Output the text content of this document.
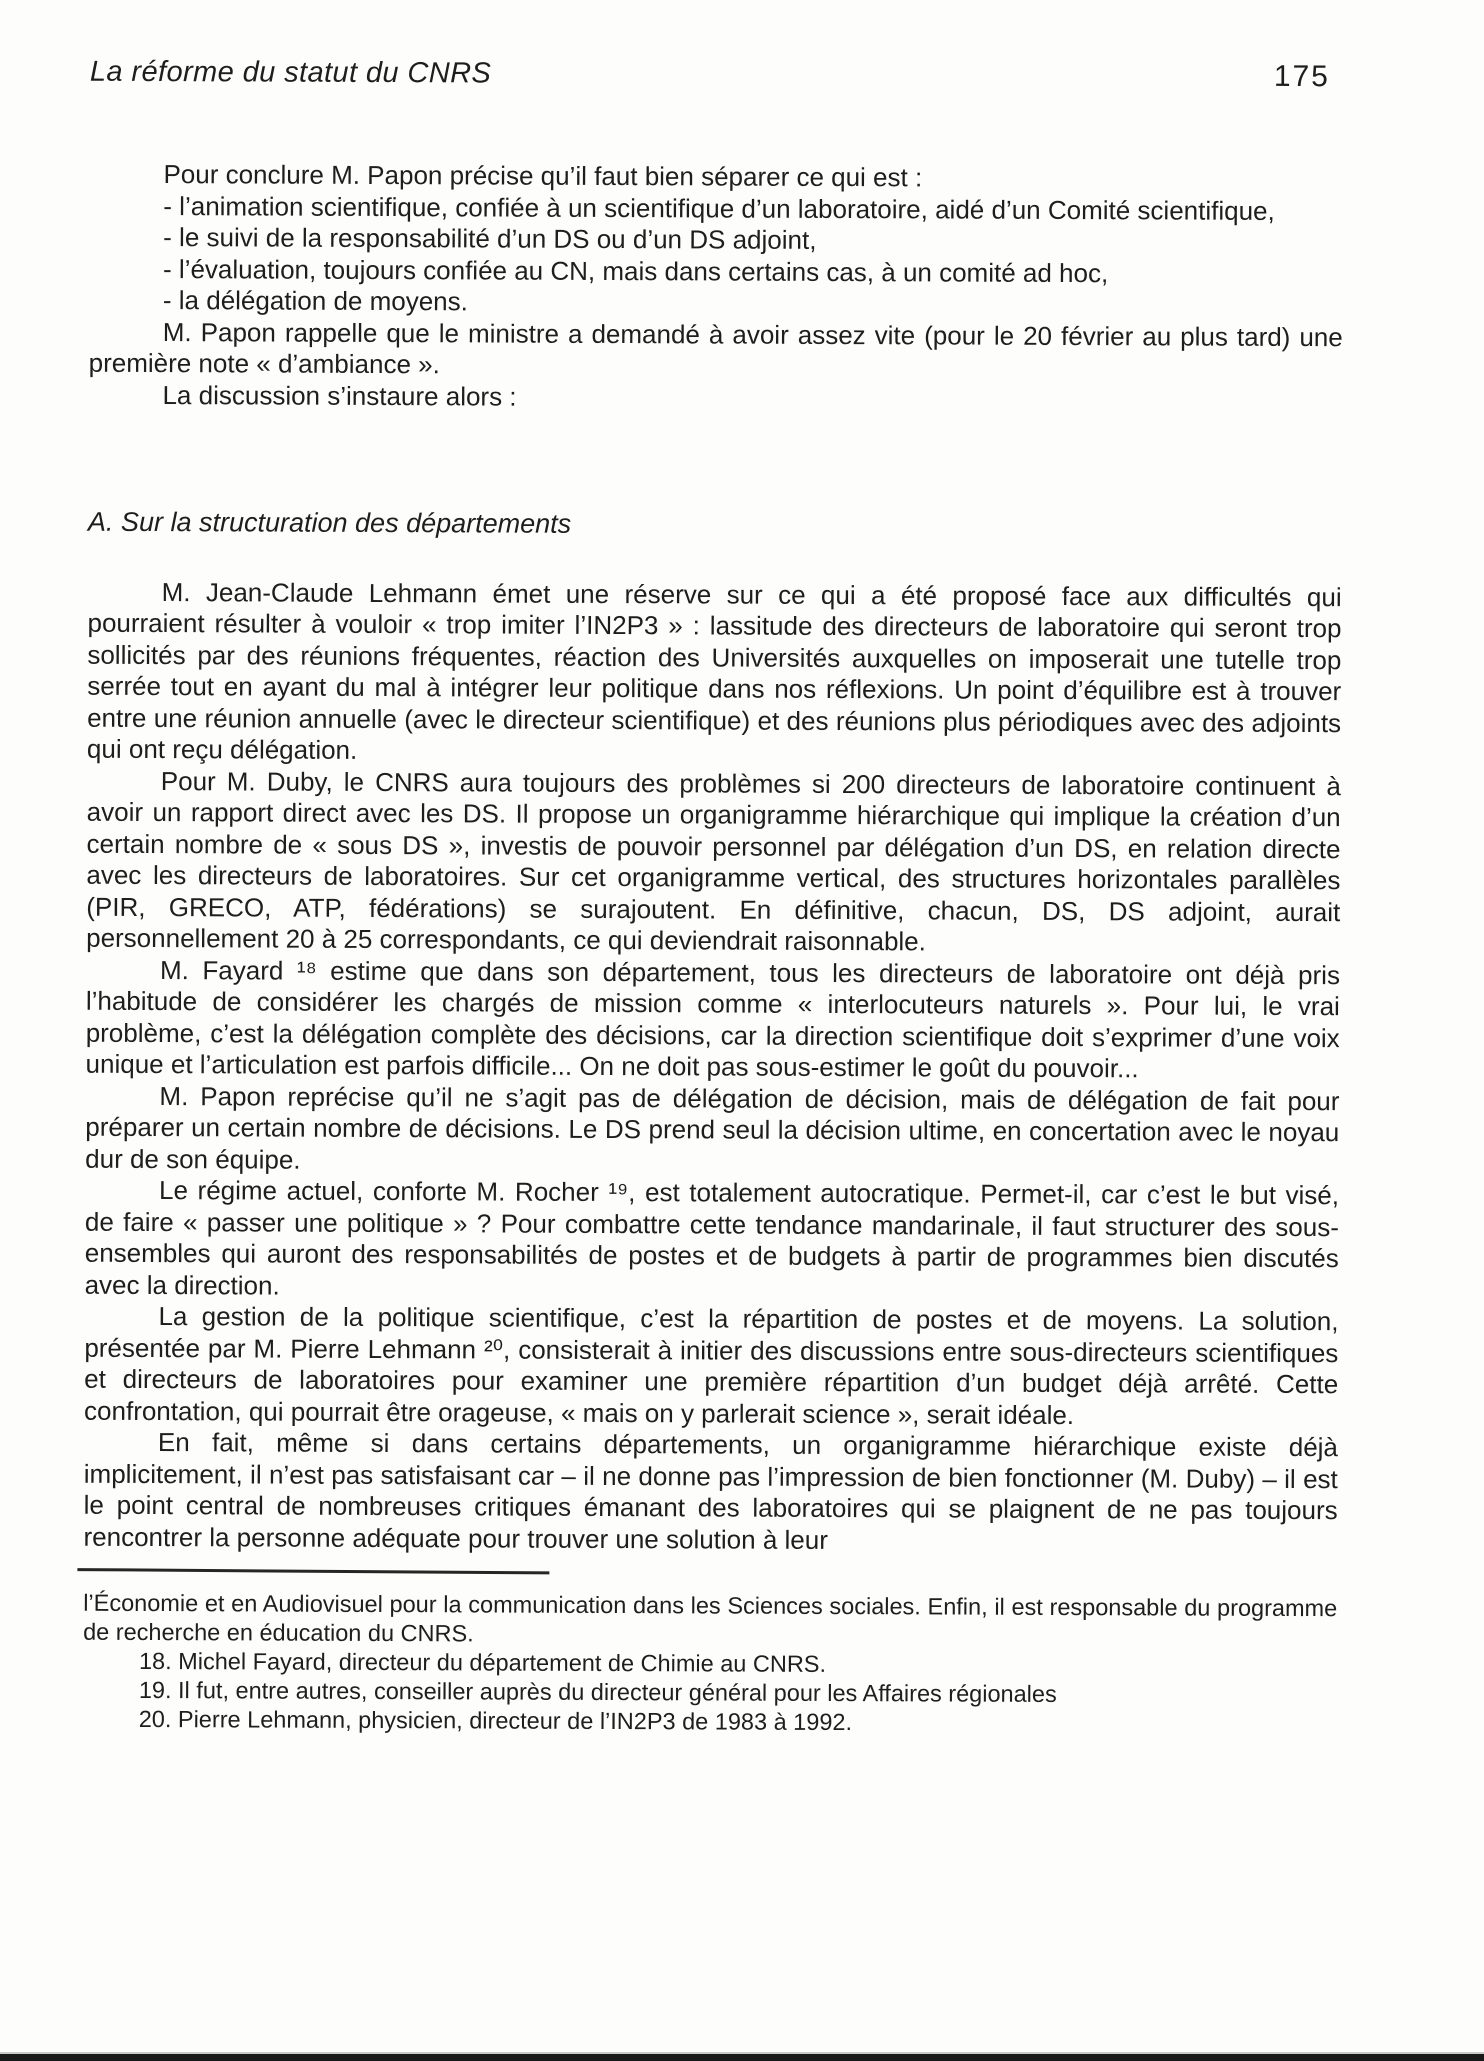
La réforme du statut du CNRS	175

Pour conclure M. Papon précise qu’il faut bien séparer ce qui est :

- l’animation scientifique, confiée à un scientifique d’un laboratoire, aidé d’un Comité scientifique,

- le suivi de la responsabilité d’un DS ou d’un DS adjoint,

- l’évaluation, toujours confiée au CN, mais dans certains cas, à un comité ad hoc,

- la délégation de moyens.

M. Papon rappelle que le ministre a demandé à avoir assez vite (pour le 20 février au plus tard) une première note « d’ambiance ».

La discussion s’instaure alors :

A. Sur la structuration des départements

M. Jean-Claude Lehmann émet une réserve sur ce qui a été proposé face aux difficultés qui pourraient résulter à vouloir « trop imiter l’IN2P3 » : lassitude des directeurs de laboratoire qui seront trop sollicités par des réunions fréquentes, réaction des Universités auxquelles on imposerait une tutelle trop serrée tout en ayant du mal à intégrer leur politique dans nos réflexions. Un point d’équilibre est à trouver entre une réunion annuelle (avec le directeur scientifique) et des réunions plus périodiques avec des adjoints qui ont reçu délégation.

Pour M. Duby, le CNRS aura toujours des problèmes si 200 directeurs de laboratoire continuent à avoir un rapport direct avec les DS. Il propose un organigramme hiérarchique qui implique la création d’un certain nombre de « sous DS », investis de pouvoir personnel par délégation d’un DS, en relation directe avec les directeurs de laboratoires. Sur cet organigramme vertical, des structures horizontales parallèles (PIR, GRECO, ATP, fédérations) se surajoutent. En définitive, chacun, DS, DS adjoint, aurait personnellement 20 à 25 correspondants, ce qui deviendrait raisonnable.

M. Fayard ¹⁸ estime que dans son département, tous les directeurs de laboratoire ont déjà pris l’habitude de considérer les chargés de mission comme « interlocuteurs naturels ». Pour lui, le vrai problème, c’est la délégation complète des décisions, car la direction scientifique doit s’exprimer d’une voix unique et l’articulation est parfois difficile... On ne doit pas sous-estimer le goût du pouvoir...

M. Papon reprécise qu’il ne s’agit pas de délégation de décision, mais de délégation de fait pour préparer un certain nombre de décisions. Le DS prend seul la décision ultime, en concertation avec le noyau dur de son équipe.

Le régime actuel, conforte M. Rocher ¹⁹, est totalement autocratique. Permet-il, car c’est le but visé, de faire « passer une politique » ? Pour combattre cette tendance mandarinale, il faut structurer des sous-ensembles qui auront des responsabilités de postes et de budgets à partir de programmes bien discutés avec la direction.

La gestion de la politique scientifique, c’est la répartition de postes et de moyens. La solution, présentée par M. Pierre Lehmann ²⁰, consisterait à initier des discussions entre sous-directeurs scientifiques et directeurs de laboratoires pour examiner une première répartition d’un budget déjà arrêté. Cette confrontation, qui pourrait être orageuse, « mais on y parlerait science », serait idéale.

En fait, même si dans certains départements, un organigramme hiérarchique existe déjà implicitement, il n’est pas satisfaisant car – il ne donne pas l’impression de bien fonctionner (M. Duby) – il est le point central de nombreuses critiques émanant des laboratoires qui se plaignent de ne pas toujours rencontrer la personne adéquate pour trouver une solution à leur

l’Économie et en Audiovisuel pour la communication dans les Sciences sociales. Enfin, il est responsable du programme de recherche en éducation du CNRS.

18. Michel Fayard, directeur du département de Chimie au CNRS.

19. Il fut, entre autres, conseiller auprès du directeur général pour les Affaires régionales

20. Pierre Lehmann, physicien, directeur de l’IN2P3 de 1983 à 1992.
